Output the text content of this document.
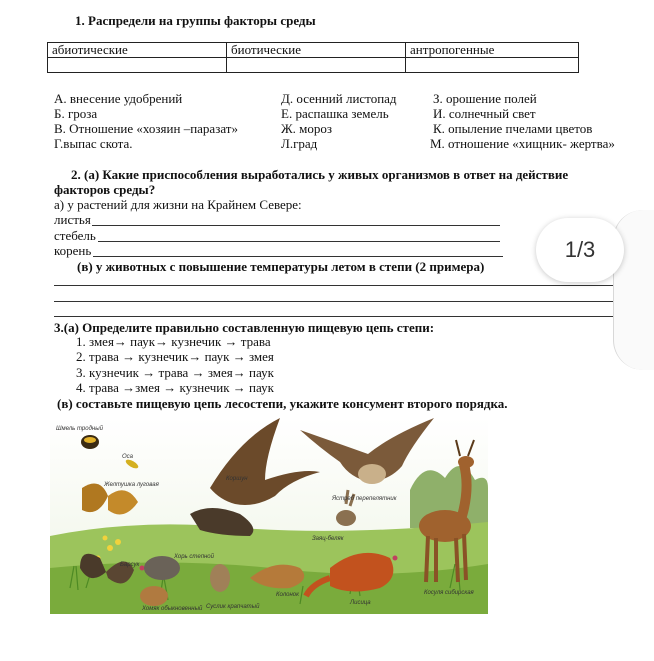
1. Распредели на группы факторы среды
абиотические	биотические	антропогенные

А. внесение удобрений
Б. гроза
В. Отношение «хозяин –паразат»
Г.выпас скота.
Д. осенний листопад
Е. распашка земель
Ж. мороз
Л.град
З. орошение полей
И. солнечный свет
К. опыление пчелами цветов
М. отношение «хищник- жертва»
2. (а) Какие приспособления выработались у живых организмов в ответ на действие
факторов среды?
а) у растений для жизни на Крайнем Севере:
листья
стебель
корень
(в) у животных с повышение температуры летом в степи (2 примера)
3.(а) Определите правильно составленную пищевую цепь степи:
1. змея→ паук→ кузнечик → трава
2. трава → кузнечик→ паук → змея
3. кузнечик → трава → змея→ паук
4. трава →змея → кузнечик → паук
(в) составьте пищевую цепь лесостепи, укажите консумент второго порядка.
Шмель тродный
Оса
Желтушка луговая
Коршун
Ястреб перепелятник
Заяц-беляк
Хорь степной
Барсук
Хомяк обыкновенный Суслик крапчатый
Колонок
Лисица
Косуля сибирская
1/3
